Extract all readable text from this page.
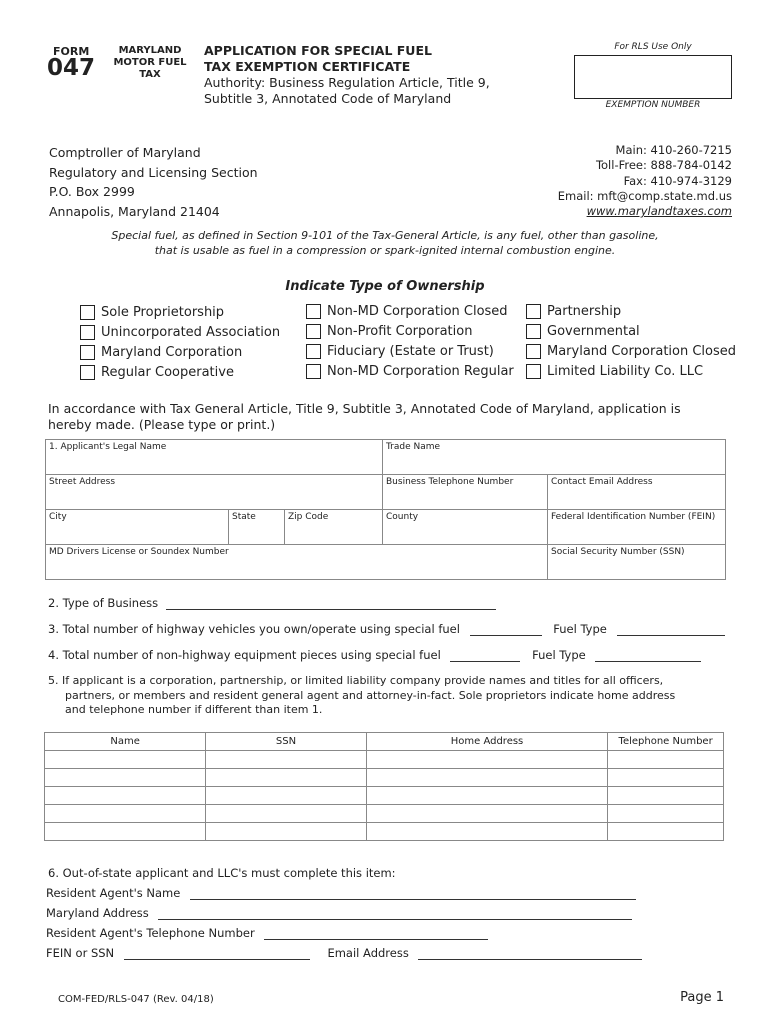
FORM
047
MARYLAND
MOTOR FUEL
TAX
APPLICATION FOR SPECIAL FUEL
TAX EXEMPTION CERTIFICATE
Authority: Business Regulation Article, Title 9,
Subtitle 3, Annotated Code of Maryland
For RLS Use Only
EXEMPTION NUMBER
Comptroller of Maryland
Regulatory and Licensing Section
P.O. Box 2999
Annapolis, Maryland 21404
Main: 410-260-7215
Toll-Free: 888-784-0142
Fax: 410-974-3129
Email: mft@comp.state.md.us
www.marylandtaxes.com
Special fuel, as defined in Section 9-101 of the Tax-General Article, is any fuel, other than gasoline,
that is usable as fuel in a compression or spark-ignited internal combustion engine.
Indicate Type of Ownership
Sole Proprietorship
Unincorporated Association
Maryland Corporation
Regular Cooperative
Non-MD Corporation Closed
Non-Profit Corporation
Fiduciary (Estate or Trust)
Non-MD Corporation Regular
Partnership
Governmental
Maryland Corporation Closed
Limited Liability Co. LLC
In accordance with Tax General Article, Title 9, Subtitle 3, Annotated Code of Maryland, application is
hereby made. (Please type or print.)
1. Applicant's Legal Name	Trade Name
Street Address	Business Telephone Number	Contact Email Address
City	State	Zip Code	County	Federal Identification Number (FEIN)
MD Drivers License or Soundex Number	Social Security Number (SSN)
2. Type of Business
3. Total number of highway vehicles you own/operate using special fuel	Fuel Type
4. Total number of non-highway equipment pieces using special fuel	Fuel Type
5. If applicant is a corporation, partnership, or limited liability company provide names and titles for all officers,
partners, or members and resident general agent and attorney-in-fact. Sole proprietors indicate home address
and telephone number if different than item 1.
Name	SSN	Home Address	Telephone Number

6. Out-of-state applicant and LLC's must complete this item:
Resident Agent's Name
Maryland Address
Resident Agent's Telephone Number
FEIN or SSN	Email Address
COM-FED/RLS-047 (Rev. 04/18)	Page 1
